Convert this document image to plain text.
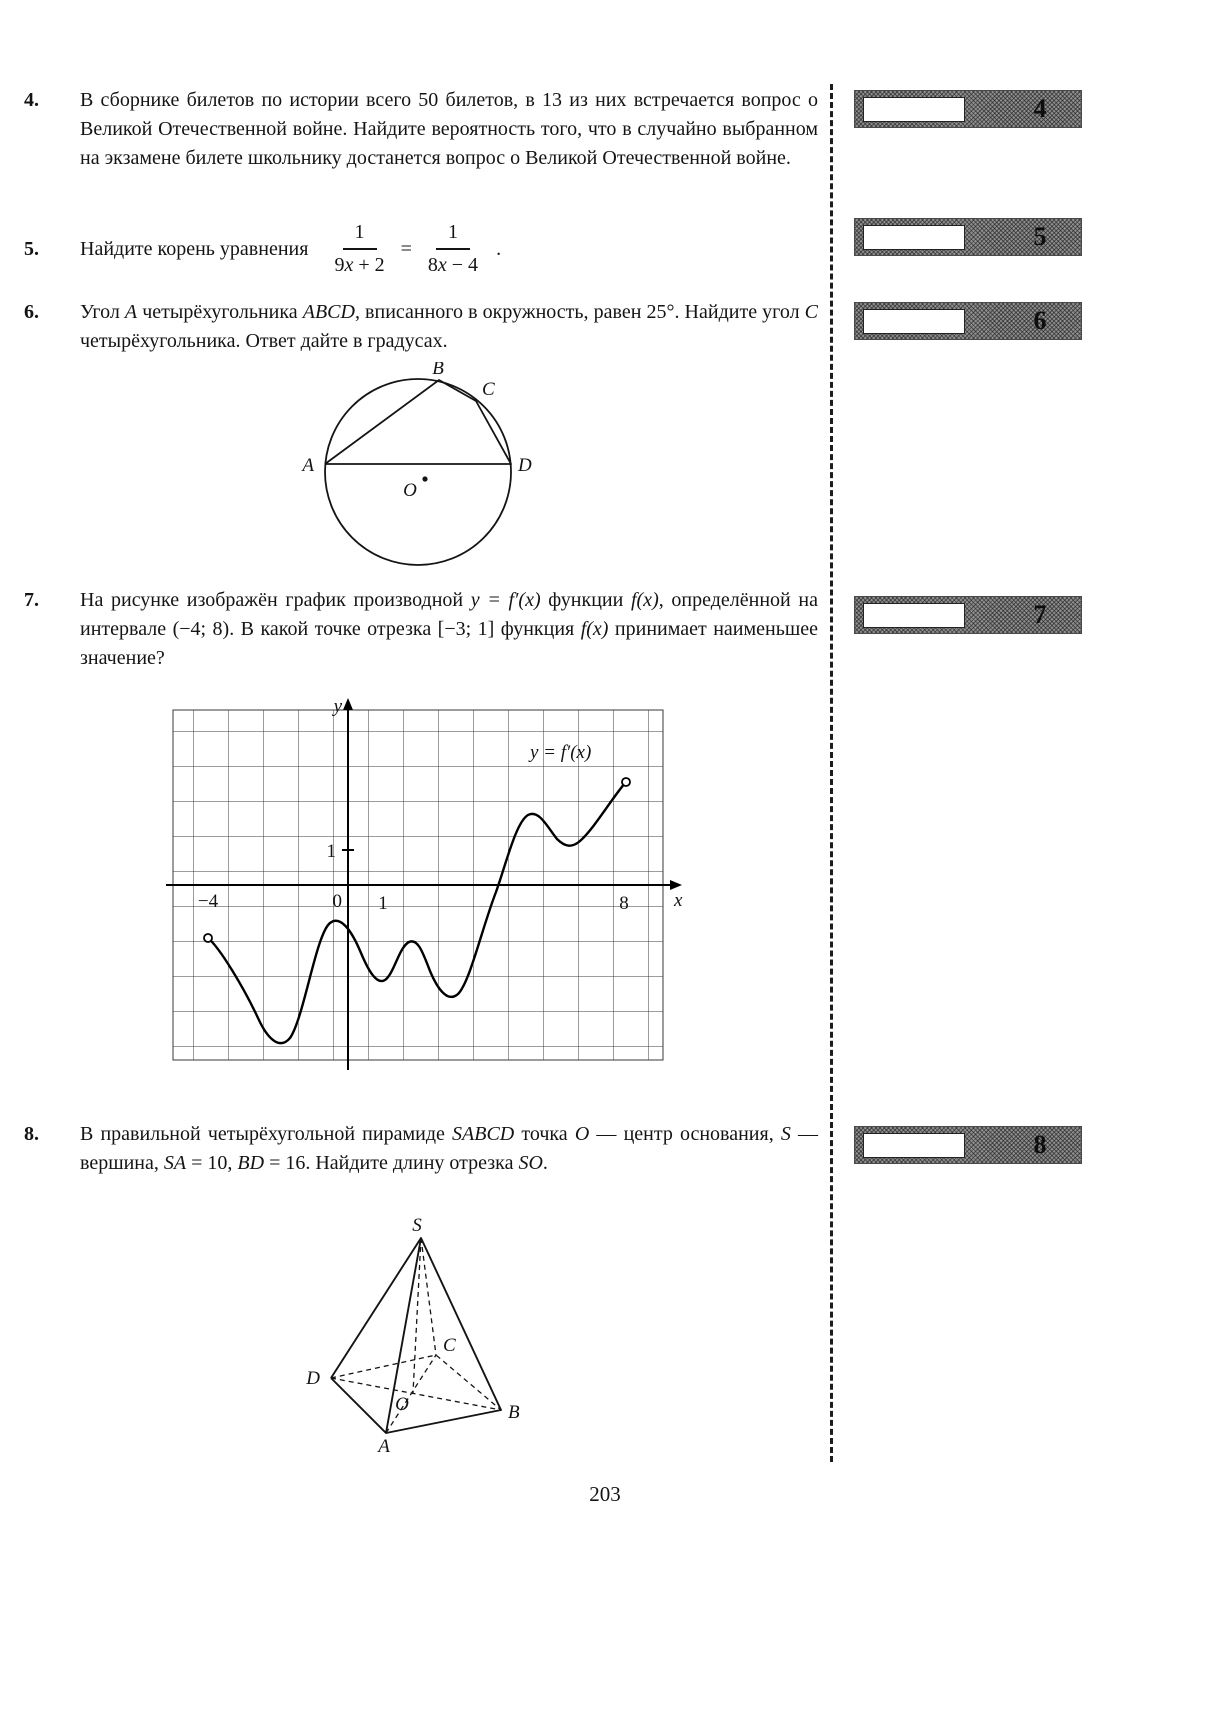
4.	В сборнике билетов по истории всего 50 билетов, в 13 из них встречается вопрос о Великой Отечественной войне. Найдите вероятность того, что в случайно выбранном на экзамене билете школьнику достанется вопрос о Великой Отечественной войне.
5.	Найдите корень уравнения $\frac{1}{9x + 2} = \frac{1}{8x - 4}$ .
6.	Угол A четырёхугольника ABCD, вписанного в окружность, равен 25°. Найдите угол C четырёхугольника. Ответ дайте в градусах.
A
B
C
D
O
7.	На рисунке изображён график производной y = f′(x) функции f(x), определённой на интервале (−4; 8). В какой точке отрезка [−3; 1] функция f(x) принимает наименьшее значение?
y
x
0 1
1
−4	8
y = f′(x)
8.	В правильной четырёхугольной пирамиде SABCD точка O — центр основания, S — вершина, SA = 10, BD = 16. Найдите длину отрезка SO.
S
D
A
B
C
O
4
5
6
7
8
203
